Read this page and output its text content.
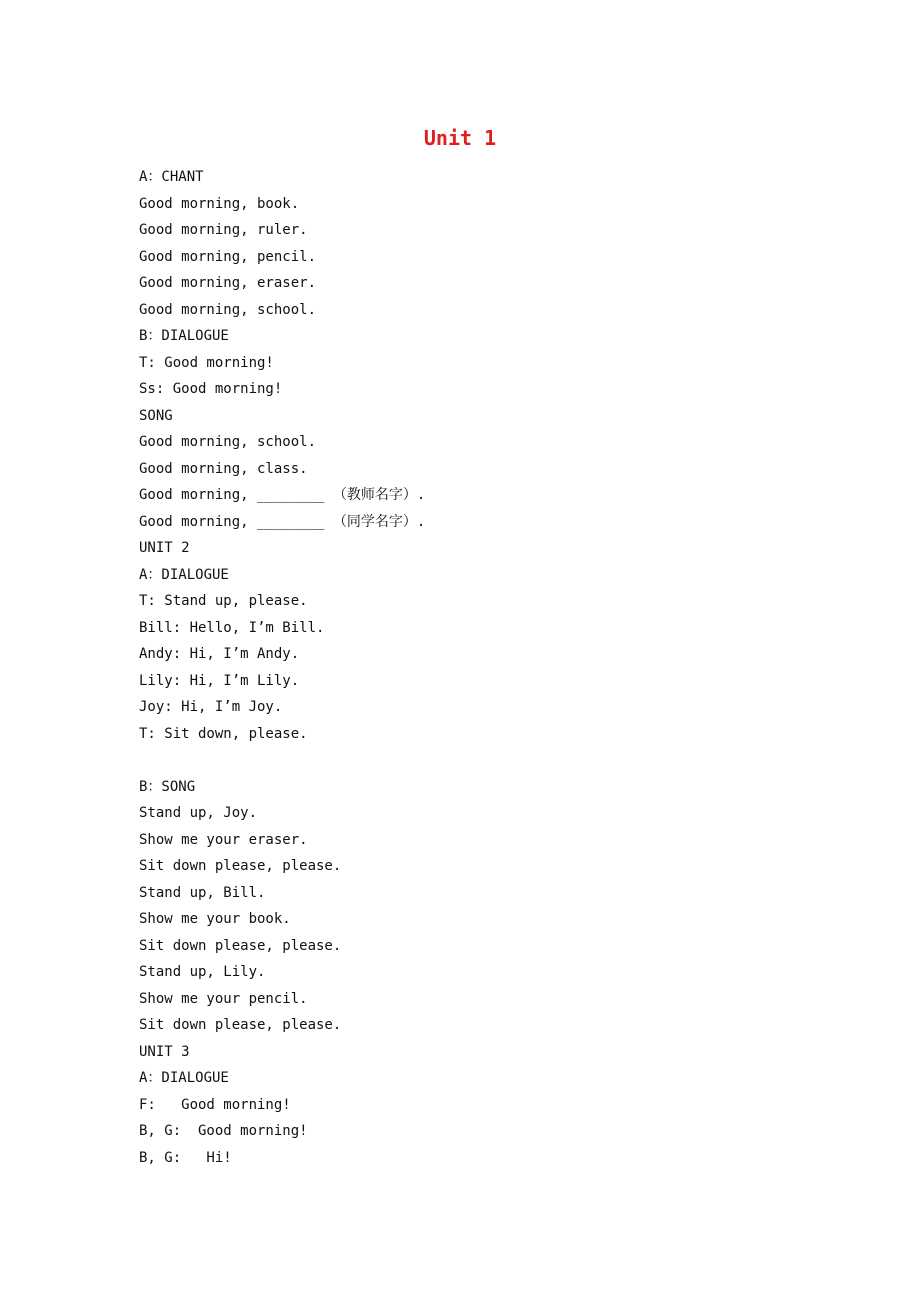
Unit 1
A：CHANT
Good morning, book.
Good morning, ruler.
Good morning, pencil.
Good morning, eraser.
Good morning, school.
B：DIALOGUE
T: Good morning!
Ss: Good morning!
SONG
Good morning, school.
Good morning, class.
Good morning, ________ （教师名字）.
Good morning, ________ （同学名字）.
UNIT 2
A：DIALOGUE
T: Stand up, please.
Bill: Hello, I’m Bill.
Andy: Hi, I’m Andy.
Lily: Hi, I’m Lily.
Joy: Hi, I’m Joy.
T: Sit down, please.
B：SONG
Stand up, Joy.
Show me your eraser.
Sit down please, please.
Stand up, Bill.
Show me your book.
Sit down please, please.
Stand up, Lily.
Show me your pencil.
Sit down please, please.
UNIT 3
A：DIALOGUE
F:   Good morning!
B, G:  Good morning!
B, G:   Hi!
